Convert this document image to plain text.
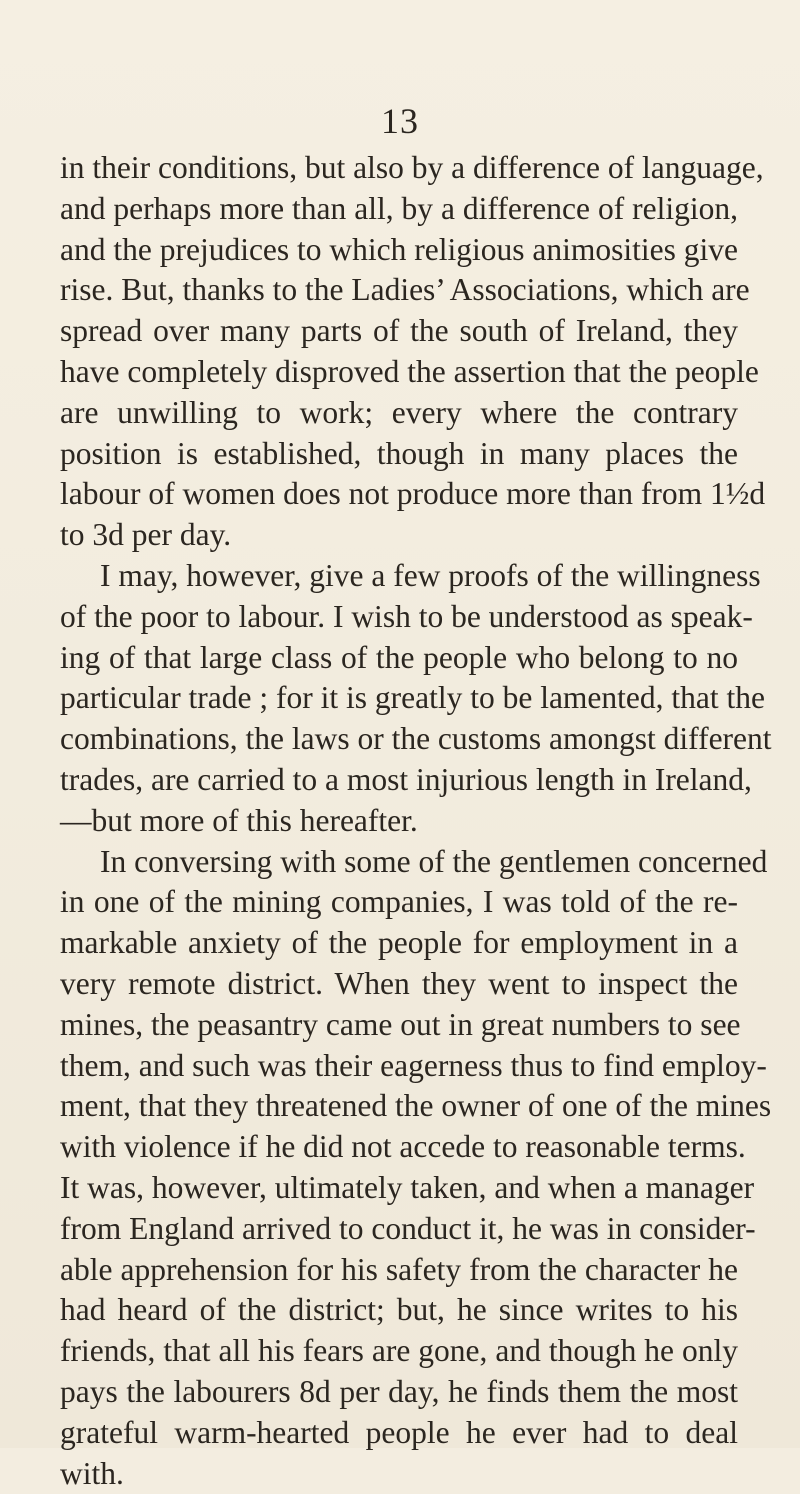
13
in their conditions, but also by a difference of language,
and perhaps more than all, by a difference of religion,
and the prejudices to which religious animosities give
rise. But, thanks to the Ladies’ Associations, which are
spread over many parts of the south of Ireland, they
have completely disproved the assertion that the people
are unwilling to work; every where the contrary
position is established, though in many places the
labour of women does not produce more than from 1½d
to 3d per day.
I may, however, give a few proofs of the willingness
of the poor to labour. I wish to be understood as speak-
ing of that large class of the people who belong to no
particular trade ; for it is greatly to be lamented, that the
combinations, the laws or the customs amongst different
trades, are carried to a most injurious length in Ireland,
—but more of this hereafter.
In conversing with some of the gentlemen concerned
in one of the mining companies, I was told of the re-
markable anxiety of the people for employment in a
very remote district. When they went to inspect the
mines, the peasantry came out in great numbers to see
them, and such was their eagerness thus to find employ-
ment, that they threatened the owner of one of the mines
with violence if he did not accede to reasonable terms.
It was, however, ultimately taken, and when a manager
from England arrived to conduct it, he was in consider-
able apprehension for his safety from the character he
had heard of the district; but, he since writes to his
friends, that all his fears are gone, and though he only
pays the labourers 8d per day, he finds them the most
grateful warm-hearted people he ever had to deal
with.
